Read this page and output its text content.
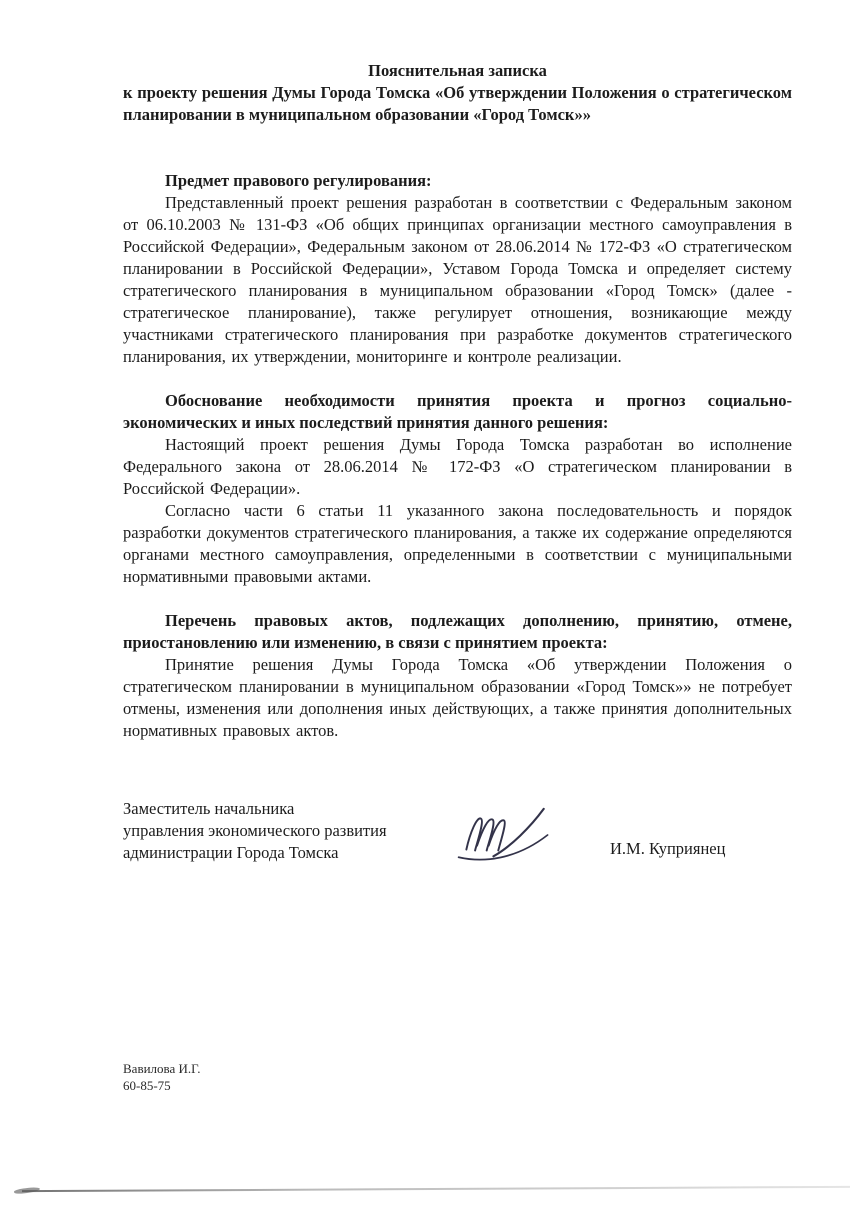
Пояснительная записка

к проекту решения Думы Города Томска «Об утверждении Положения о стратегическом планировании в муниципальном образовании «Город Томск»»

Предмет правового регулирования:

Представленный проект решения разработан в соответствии с Федеральным законом от 06.10.2003 № 131-ФЗ «Об общих принципах организации местного самоуправления в Российской Федерации», Федеральным законом от 28.06.2014 № 172-ФЗ «О стратегическом планировании в Российской Федерации», Уставом Города Томска и определяет систему стратегического планирования в муниципальном образовании «Город Томск» (далее - стратегическое планирование), также регулирует отношения, возникающие между участниками стратегического планирования при разработке документов стратегического планирования, их утверждении, мониторинге и контроле реализации.

Обоснование необходимости принятия проекта и прогноз социально-экономических и иных последствий принятия данного решения:

Настоящий проект решения Думы Города Томска разработан во исполнение Федерального закона от 28.06.2014 № 172-ФЗ «О стратегическом планировании в Российской Федерации».

Согласно части 6 статьи 11 указанного закона последовательность и порядок разработки документов стратегического планирования, а также их содержание определяются органами местного самоуправления, определенными в соответствии с муниципальными нормативными правовыми актами.

Перечень правовых актов, подлежащих дополнению, принятию, отмене, приостановлению или изменению, в связи с принятием проекта:

Принятие решения Думы Города Томска «Об утверждении Положения о стратегическом планировании в муниципальном образовании «Город Томск»» не потребует отмены, изменения или дополнения иных действующих, а также принятия дополнительных нормативных правовых актов.

Заместитель начальника
управления экономического развития
администрации Города Томска	И.М. Куприянец
Вавилова И.Г.
60-85-75
